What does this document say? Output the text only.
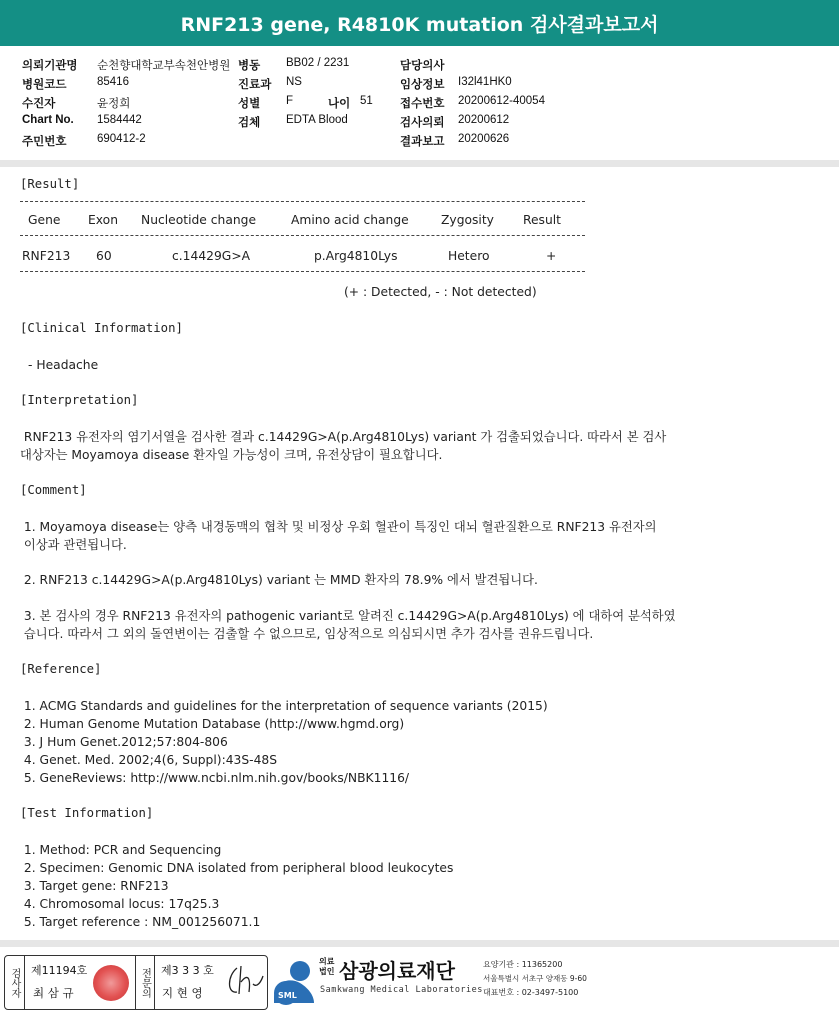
RNF213 gene, R4810K mutation 검사결과보고서
의뢰기관명 순천향대학교부속천안병원 병동 BB02 / 2231	담당의사
병원코드	85416	진료과 NS	임상정보 I32l41HK0
수진자	윤정희	성별 F	나이 51 접수번호 20200612-40054
Chart No. 1584442	검체 EDTA Blood	검사의뢰 20200612
주민번호	690412-2	결과보고 20200626
[Result]
Gene Exon Nucleotide change	Amino acid change	Zygosity Result
RNF213 60	c.14429G>A	p.Arg4810Lys	Hetero	+
(+ : Detected, - : Not detected)
[Clinical Information]
- Headache
[Interpretation]
RNF213 유전자의 염기서열을 검사한 결과 c.14429G>A(p.Arg4810Lys) variant 가 검출되었습니다. 따라서 본 검사
대상자는 Moyamoya disease 환자일 가능성이 크며, 유전상담이 필요합니다.
[Comment]
1. Moyamoya disease는 양측 내경동맥의 협착 및 비정상 우회 혈관이 특징인 대뇌 혈관질환으로 RNF213 유전자의
이상과 관련됩니다.
2. RNF213 c.14429G>A(p.Arg4810Lys) variant 는 MMD 환자의 78.9% 에서 발견됩니다.
3. 본 검사의 경우 RNF213 유전자의 pathogenic variant로 알려진 c.14429G>A(p.Arg4810Lys) 에 대하여 분석하였
습니다. 따라서 그 외의 돌연변이는 검출할 수 없으므로, 임상적으로 의심되시면 추가 검사를 권유드립니다.
[Reference]
1. ACMG Standards and guidelines for the interpretation of sequence variants (2015)
2. Human Genome Mutation Database (http://www.hgmd.org)
3. J Hum Genet.2012;57:804-806
4. Genet. Med. 2002;4(6, Suppl):43S-48S
5. GeneReviews: http://www.ncbi.nlm.nih.gov/books/NBK1116/
[Test Information]
1. Method: PCR and Sequencing
2. Specimen: Genomic DNA isolated from peripheral blood leukocytes
3. Target gene: RNF213
4. Chromosomal locus: 17q25.3
5. Target reference : NM_001256071.1
검사자 제11194호
최 삼 규	전문의 제3 3 3 호
지 현 영	SML
의료법인 삼광의료재단
Samkwang Medical Laboratories
요양기관 : 11365200
서울특별시 서초구 양재동 9-60
대표번호 : 02-3497-5100
